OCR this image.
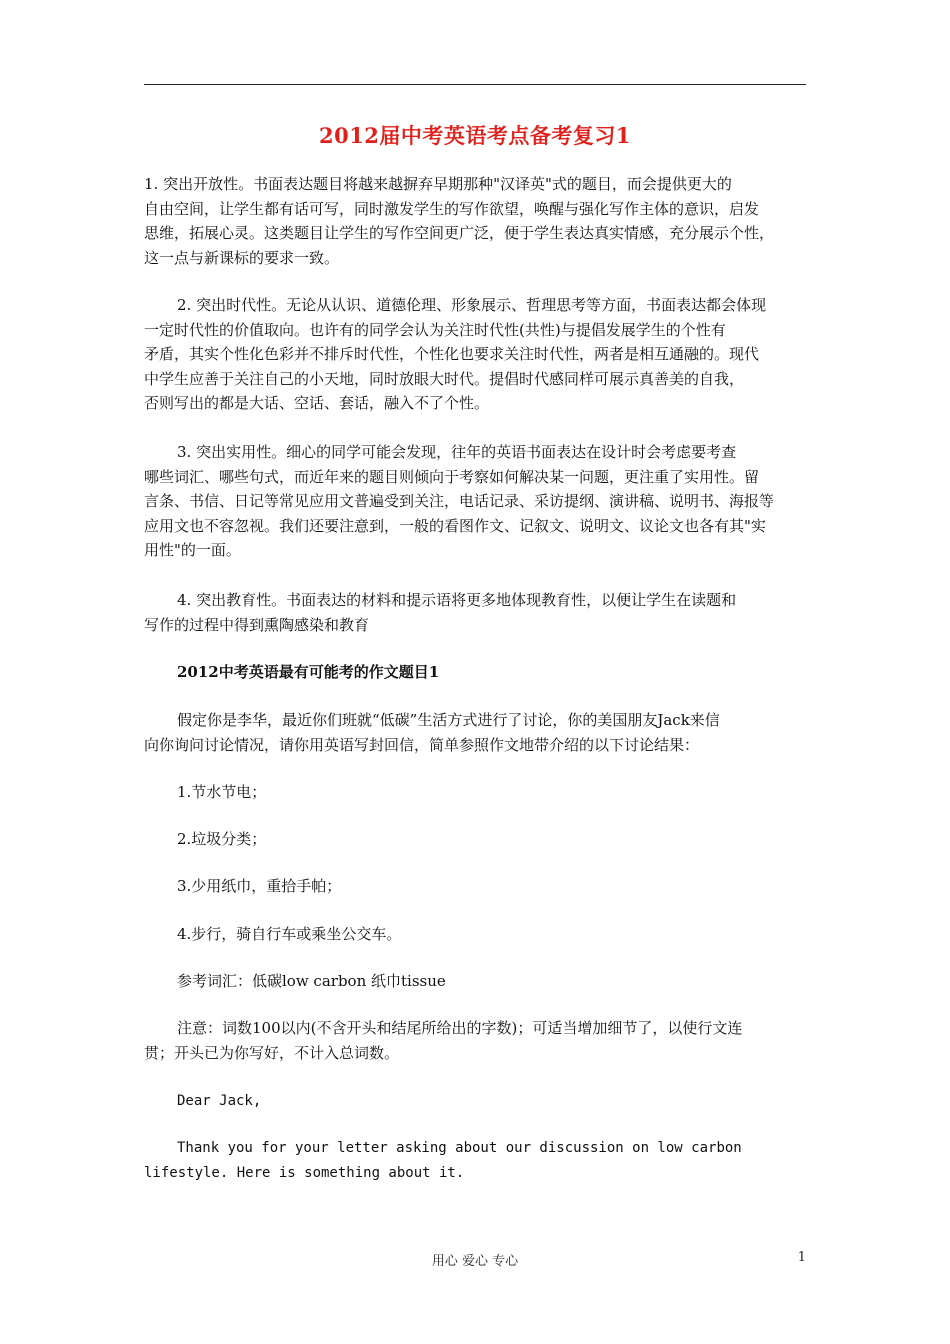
2012届中考英语考点备考复习1
1. 突出开放性。书面表达题目将越来越摒弃早期那种"汉译英"式的题目，而会提供更大的
自由空间，让学生都有话可写，同时激发学生的写作欲望，唤醒与强化写作主体的意识，启发
思维，拓展心灵。这类题目让学生的写作空间更广泛，便于学生表达真实情感，充分展示个性，
这一点与新课标的要求一致。
2. 突出时代性。无论从认识、道德伦理、形象展示、哲理思考等方面，书面表达都会体现
一定时代性的价值取向。也许有的同学会认为关注时代性(共性)与提倡发展学生的个性有
矛盾，其实个性化色彩并不排斥时代性，个性化也要求关注时代性，两者是相互通融的。现代
中学生应善于关注自己的小天地，同时放眼大时代。提倡时代感同样可展示真善美的自我，
否则写出的都是大话、空话、套话，融入不了个性。
3. 突出实用性。细心的同学可能会发现，往年的英语书面表达在设计时会考虑要考查
哪些词汇、哪些句式，而近年来的题目则倾向于考察如何解决某一问题，更注重了实用性。留
言条、书信、日记等常见应用文普遍受到关注，电话记录、采访提纲、演讲稿、说明书、海报等
应用文也不容忽视。我们还要注意到，一般的看图作文、记叙文、说明文、议论文也各有其"实
用性"的一面。
4. 突出教育性。书面表达的材料和提示语将更多地体现教育性，以便让学生在读题和
写作的过程中得到熏陶感染和教育
2012中考英语最有可能考的作文题目1
假定你是李华，最近你们班就“低碳”生活方式进行了讨论，你的美国朋友Jack来信
向你询问讨论情况，请你用英语写封回信，简单参照作文地带介绍的以下讨论结果：
1.节水节电；
2.垃圾分类；
3.少用纸巾，重拾手帕；
4.步行，骑自行车或乘坐公交车。
参考词汇：低碳low carbon 纸巾tissue
注意：词数100以内(不含开头和结尾所给出的字数)；可适当增加细节了，以使行文连
贯；开头已为你写好，不计入总词数。
Dear Jack,
Thank you for your letter asking about our discussion on low carbon
lifestyle. Here is something about it.
用心 爱心 专心	1
